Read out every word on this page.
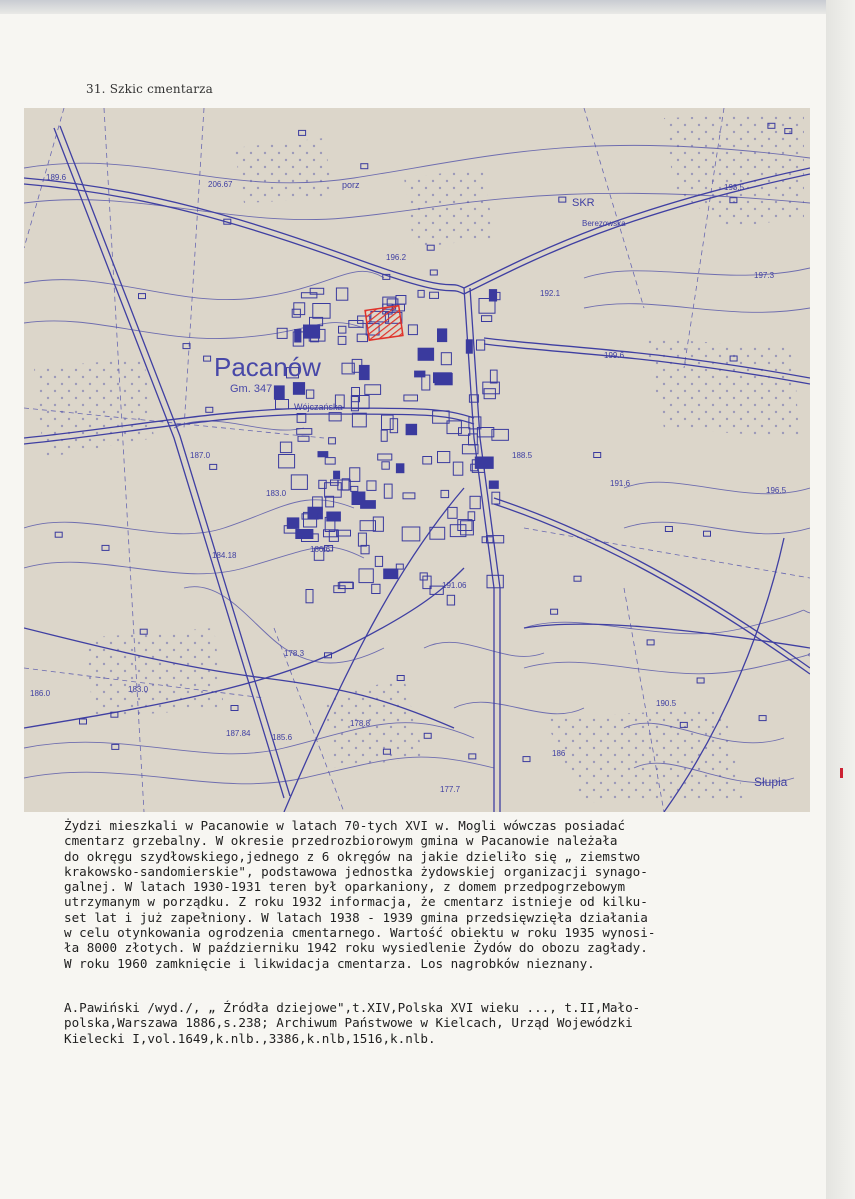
31. Szkic cmentarza
Pacanów
Gm. 347
SKR
Berezowska
Wójczańska
Słupia
porz
189.6
206.67
196.2
193.5
197.3
199.6
187.0
183.0
184.18
186.6
196.5
191.6
178.3
183.0
186.0
187.84	185.6
178.8
177.7
190.5
186
191.06
188.5
192.1
Żydzi mieszkali w Pacanowie w latach 70-tych XVI w. Mogli wówczas posiadać
cmentarz grzebalny. W okresie przedrozbiorowym gmina w Pacanowie należała
do okręgu szydłowskiego,jednego z 6 okręgów na jakie dzieliło się „ ziemstwo
krakowsko-sandomierskie", podstawowa jednostka żydowskiej organizacji synago-
galnej. W latach 1930-1931 teren był oparkaniony, z domem przedpogrzebowym
utrzymanym w porządku. Z roku 1932 informacja, że cmentarz istnieje od kilku-
set lat i już zapełniony. W latach 1938 - 1939 gmina przedsięwzięła działania
w celu otynkowania ogrodzenia cmentarnego. Wartość obiektu w roku 1935 wynosi-
ła 8000 złotych. W październiku 1942 roku wysiedlenie Żydów do obozu zagłady.
W roku 1960 zamknięcie i likwidacja cmentarza. Los nagrobków nieznany.
A.Pawiński /wyd./, „ Źródła dziejowe",t.XIV,Polska XVI wieku ..., t.II,Mało-
polska,Warszawa 1886,s.238; Archiwum Państwowe w Kielcach, Urząd Wojewódzki
Kielecki I,vol.1649,k.nlb.,3386,k.nlb,1516,k.nlb.
